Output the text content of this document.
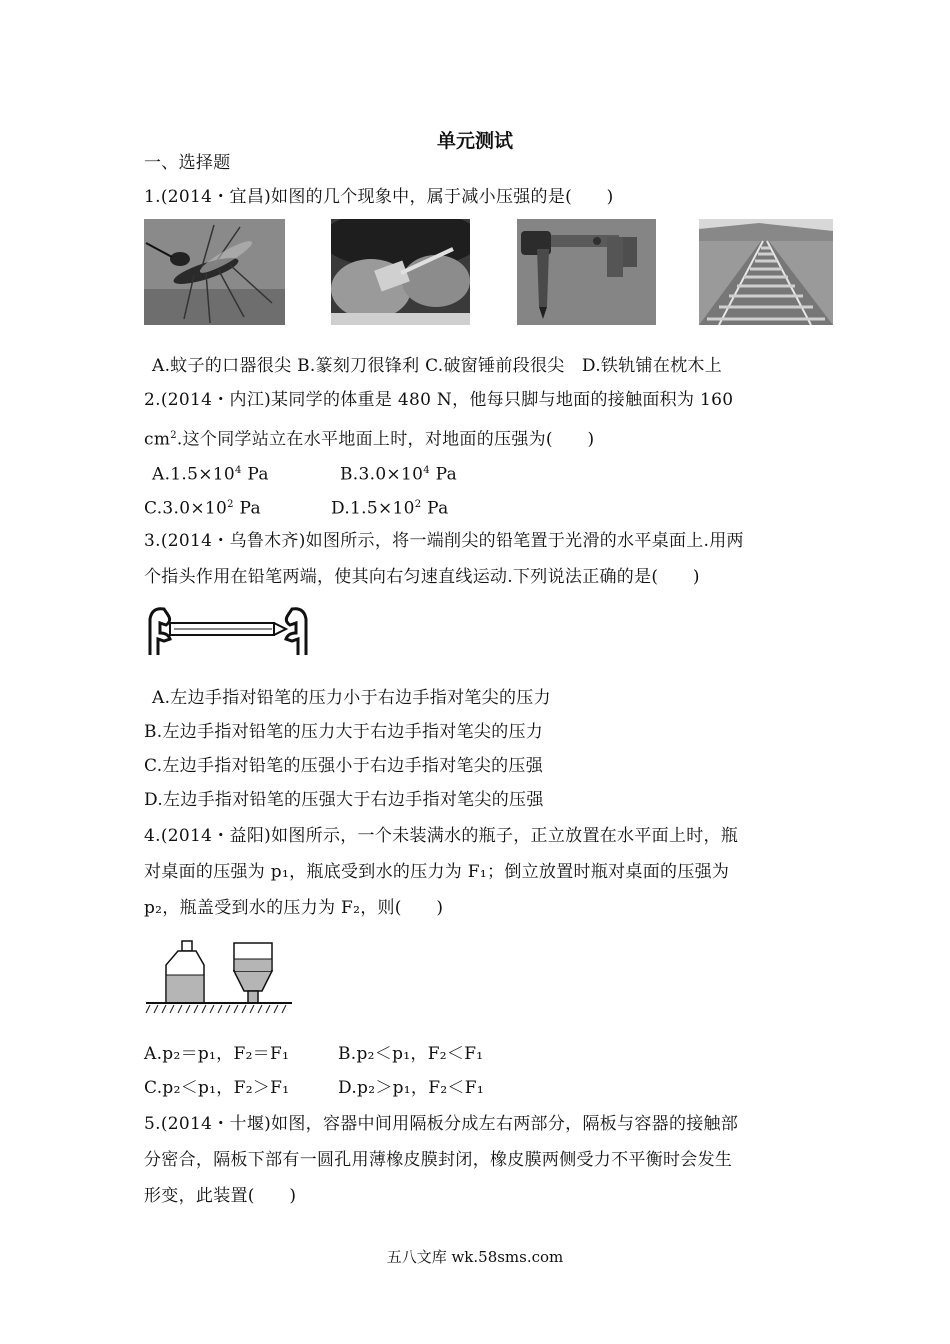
单元测试
一、选择题
1.(2014・宜昌)如图的几个现象中，属于减小压强的是(　　)
A.蚊子的口器很尖 B.篆刻刀很锋利 C.破窗锤前段很尖　D.铁轨铺在枕木上
2.(2014・内江)某同学的体重是 480 N，他每只脚与地面的接触面积为 160
$cm^2$.这个同学站立在水平地面上时，对地面的压强为(　　)
$A.1.5\times 10^4$ Pa	$B.3.0\times 10^4$ Pa
$C.3.0\times 10^2$ Pa	$D.1.5\times 10^2$ Pa
3.(2014・乌鲁木齐)如图所示，将一端削尖的铅笔置于光滑的水平桌面上.用两
个指头作用在铅笔两端，使其向右匀速直线运动.下列说法正确的是(　　)
A.左边手指对铅笔的压力小于右边手指对笔尖的压力
B.左边手指对铅笔的压力大于右边手指对笔尖的压力
C.左边手指对铅笔的压强小于右边手指对笔尖的压强
D.左边手指对铅笔的压强大于右边手指对笔尖的压强
4.(2014・益阳)如图所示，一个未装满水的瓶子，正立放置在水平面上时，瓶
对桌面的压强为 p₁，瓶底受到水的压力为 F₁；倒立放置时瓶对桌面的压强为
p₂，瓶盖受到水的压力为 F₂，则(　　)
A.p₂＝p₁，F₂＝F₁	B.p₂＜p₁，F₂＜F₁
C.p₂＜p₁，F₂＞F₁	D.p₂＞p₁，F₂＜F₁
5.(2014・十堰)如图，容器中间用隔板分成左右两部分，隔板与容器的接触部
分密合，隔板下部有一圆孔用薄橡皮膜封闭，橡皮膜两侧受力不平衡时会发生
形变，此装置(　　)
五八文库 wk.58sms.com
